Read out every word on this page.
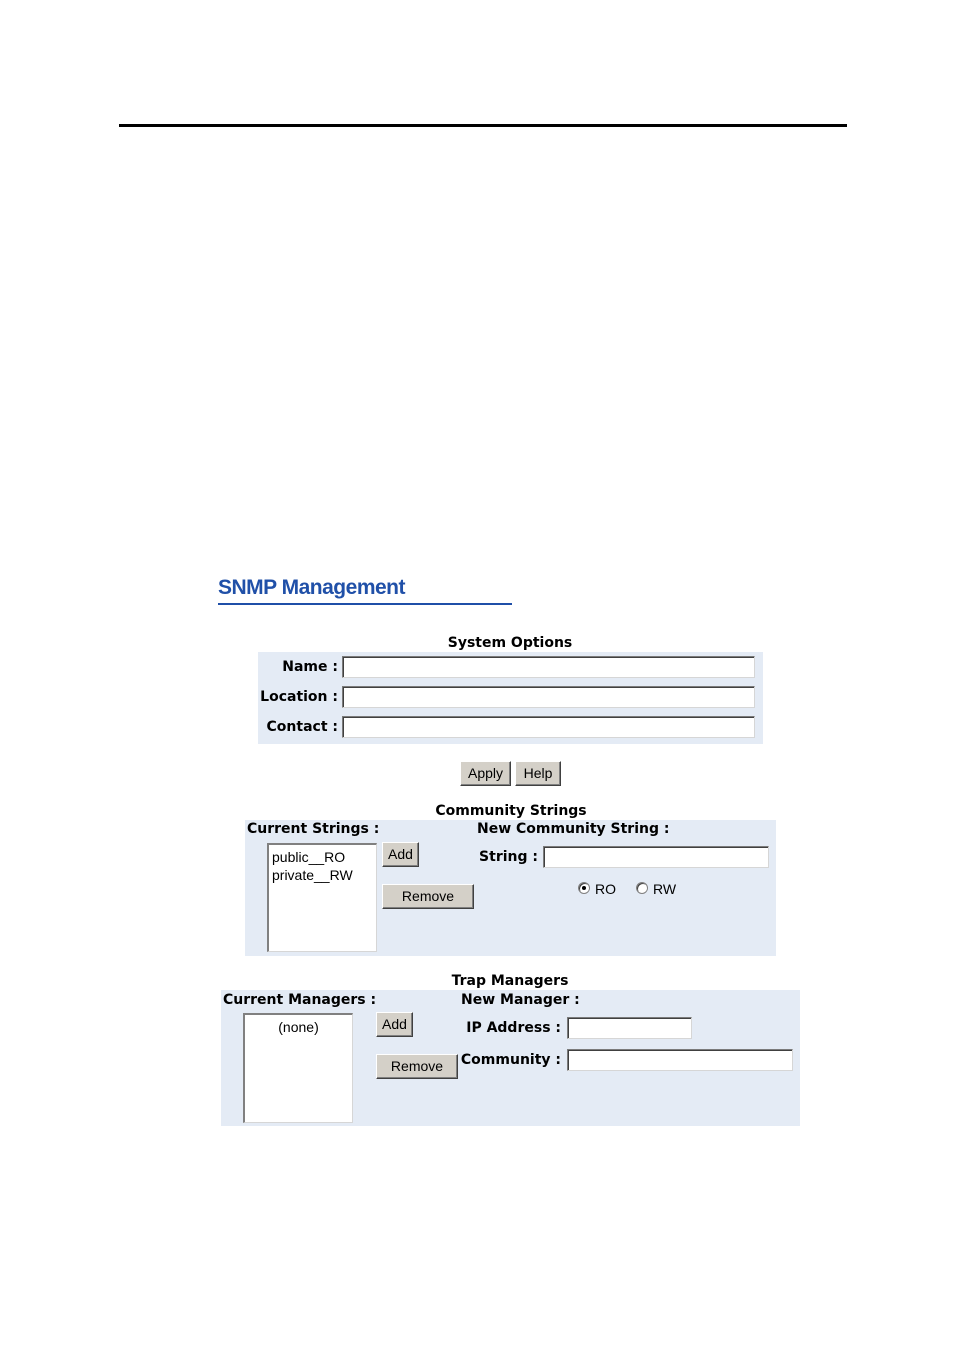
SNMP Management
System Options
Name :
Location :
Contact :
Apply	Help
Community Strings
Current Strings :
public__RO
private__RW
Add
Remove
New Community String :
String :
RO	RW
Trap Managers
Current Managers :
(none)	Add
Remove
New Manager :
IP Address :
Community :
